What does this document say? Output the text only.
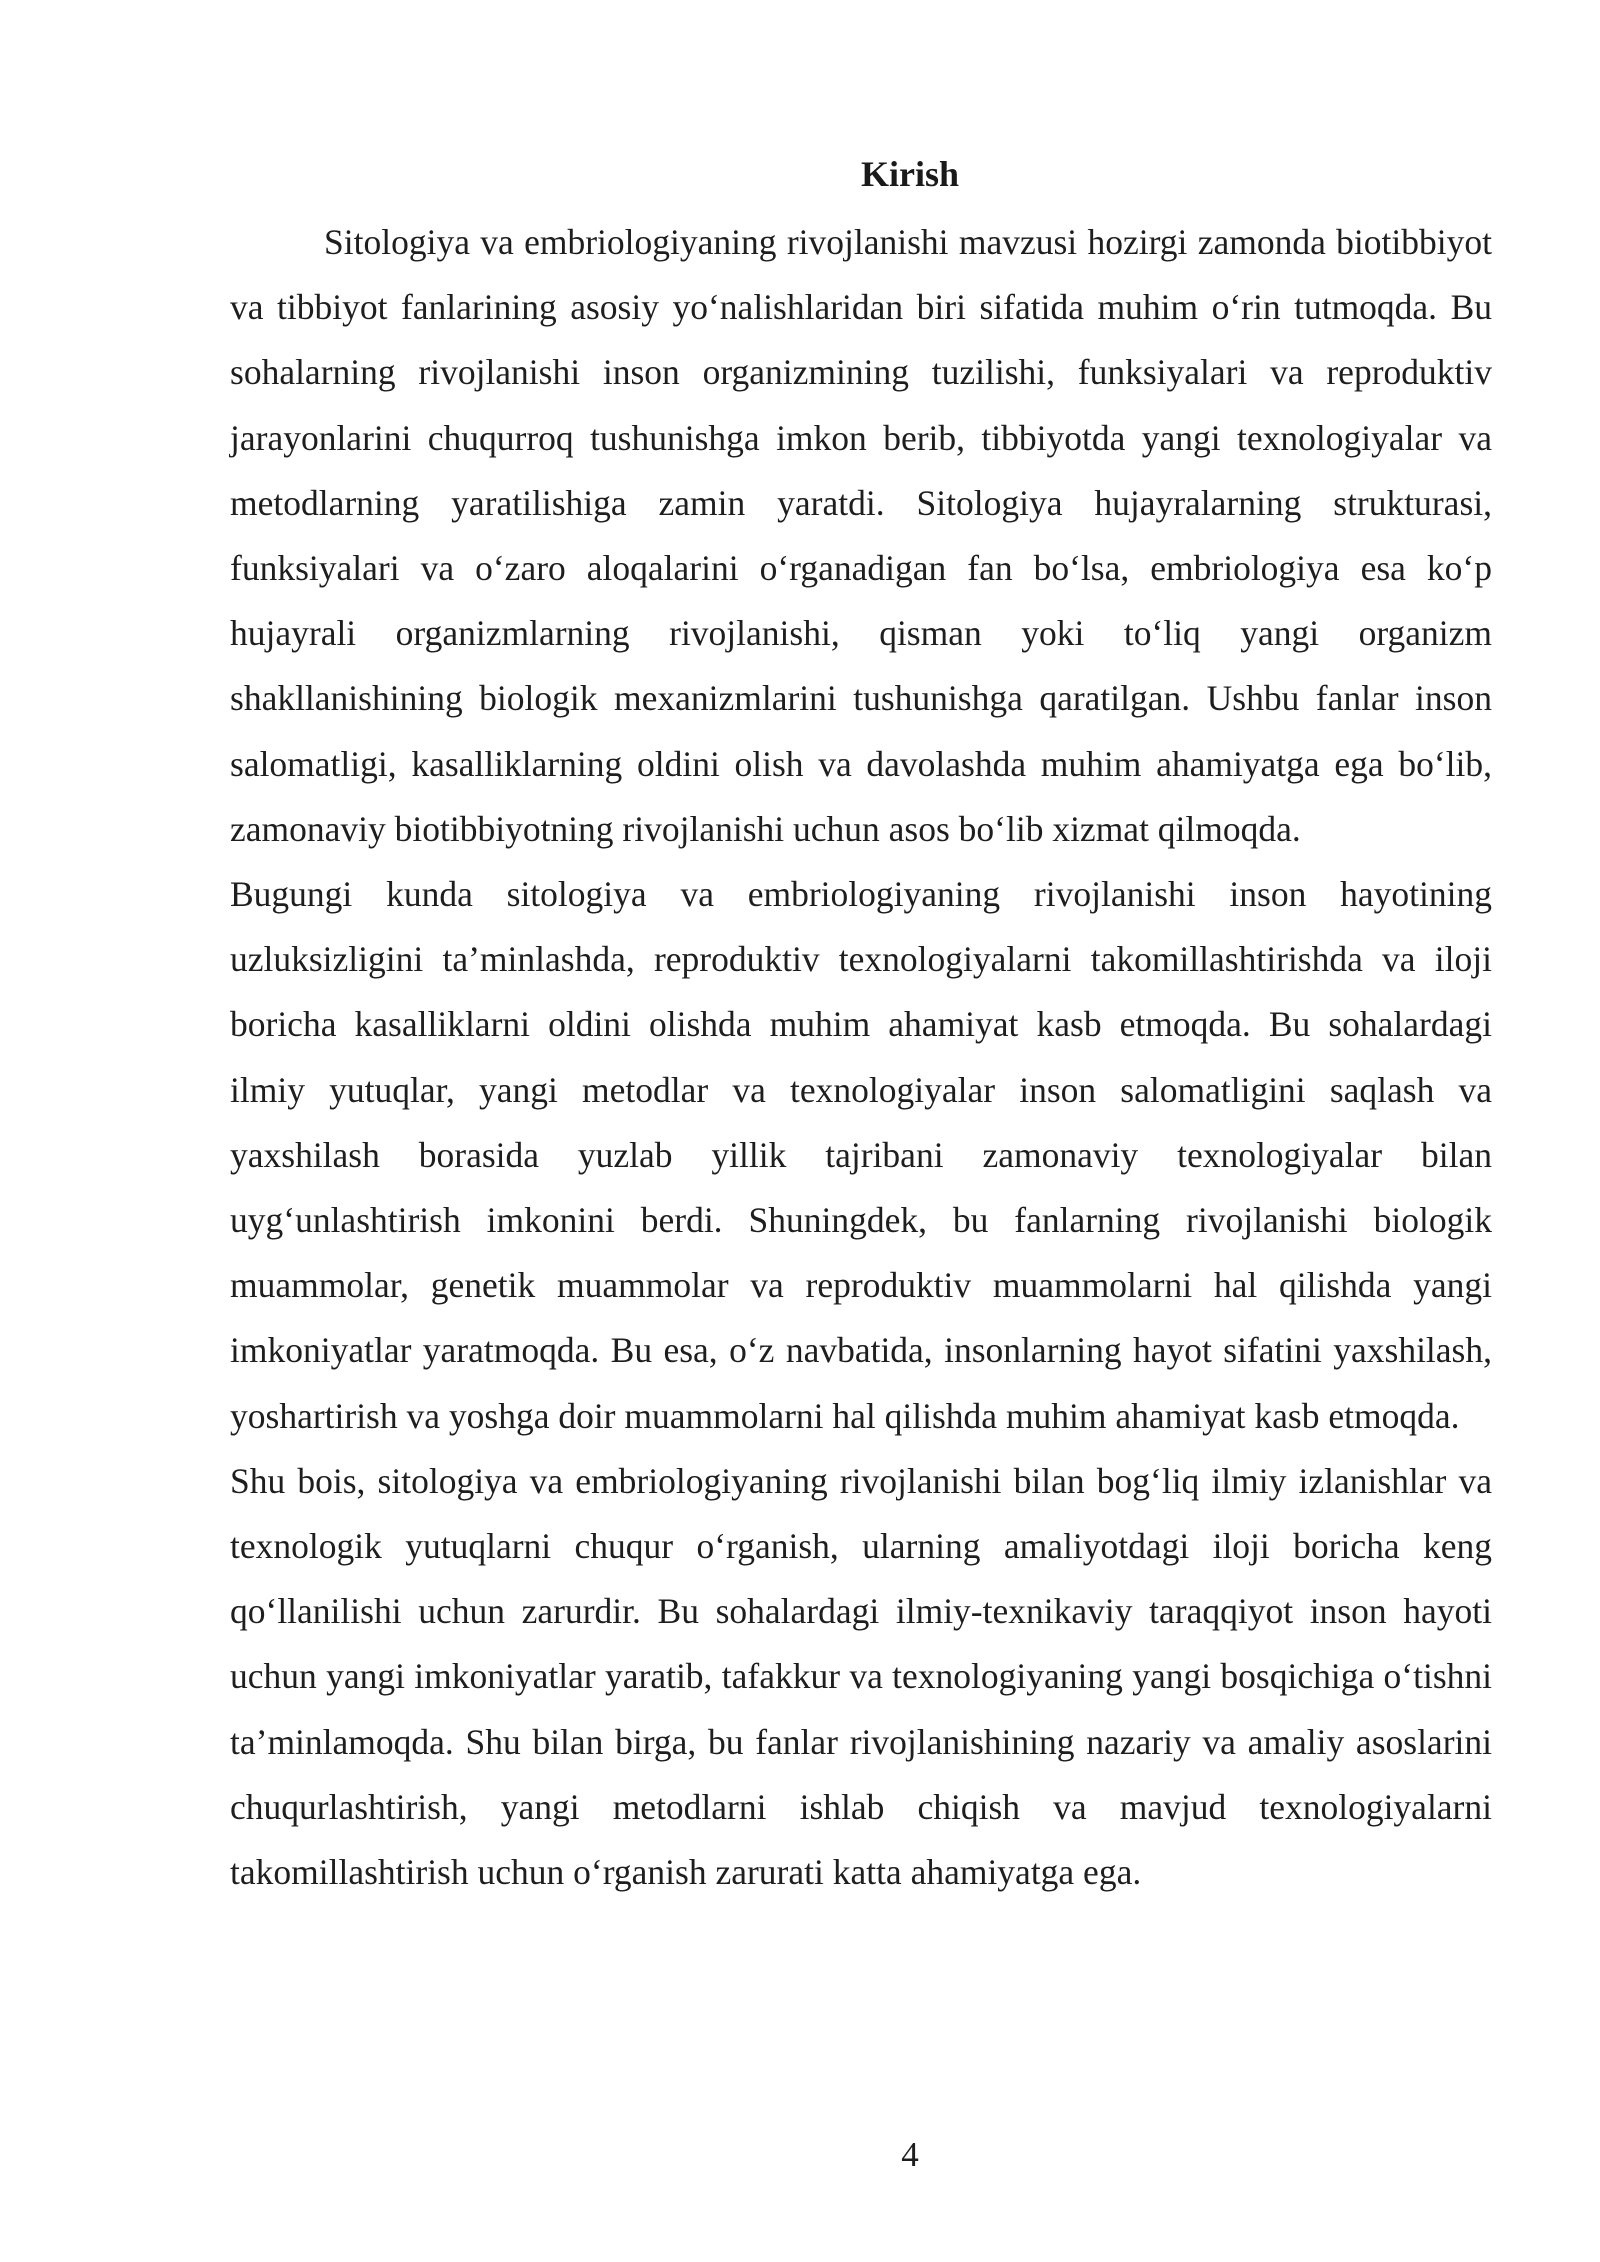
Kirish

Sitologiya va embriologiyaning rivojlanishi mavzusi hozirgi zamonda biotibbiyot va tibbiyot fanlarining asosiy yo‘nalishlaridan biri sifatida muhim o‘rin tutmoqda. Bu sohalarning rivojlanishi inson organizmining tuzilishi, funksiyalari va reproduktiv jarayonlarini chuqurroq tushunishga imkon berib, tibbiyotda yangi texnologiyalar va metodlarning yaratilishiga zamin yaratdi. Sitologiya hujayralarning strukturasi, funksiyalari va o‘zaro aloqalarini o‘rganadigan fan bo‘lsa, embriologiya esa ko‘p hujayrali organizmlarning rivojlanishi, qisman yoki to‘liq yangi organizm shakllanishining biologik mexanizmlarini tushunishga qaratilgan. Ushbu fanlar inson salomatligi, kasalliklarning oldini olish va davolashda muhim ahamiyatga ega bo‘lib, zamonaviy biotibbiyotning rivojlanishi uchun asos bo‘lib xizmat qilmoqda.

Bugungi kunda sitologiya va embriologiyaning rivojlanishi inson hayotining uzluksizligini ta’minlashda, reproduktiv texnologiyalarni takomillashtirishda va iloji boricha kasalliklarni oldini olishda muhim ahamiyat kasb etmoqda. Bu sohalardagi ilmiy yutuqlar, yangi metodlar va texnologiyalar inson salomatligini saqlash va yaxshilash borasida yuzlab yillik tajribani zamonaviy texnologiyalar bilan uyg‘unlashtirish imkonini berdi. Shuningdek, bu fanlarning rivojlanishi biologik muammolar, genetik muammolar va reproduktiv muammolarni hal qilishda yangi imkoniyatlar yaratmoqda. Bu esa, o‘z navbatida, insonlarning hayot sifatini yaxshilash, yoshartirish va yoshga doir muammolarni hal qilishda muhim ahamiyat kasb etmoqda.

Shu bois, sitologiya va embriologiyaning rivojlanishi bilan bog‘liq ilmiy izlanishlar va texnologik yutuqlarni chuqur o‘rganish, ularning amaliyotdagi iloji boricha keng qo‘llanilishi uchun zarurdir. Bu sohalardagi ilmiy-texnikaviy taraqqiyot inson hayoti uchun yangi imkoniyatlar yaratib, tafakkur va texnologiyaning yangi bosqichiga o‘tishni ta’minlamoqda. Shu bilan birga, bu fanlar rivojlanishining nazariy va amaliy asoslarini chuqurlashtirish, yangi metodlarni ishlab chiqish va mavjud texnologiyalarni takomillashtirish uchun o‘rganish zarurati katta ahamiyatga ega.

4
